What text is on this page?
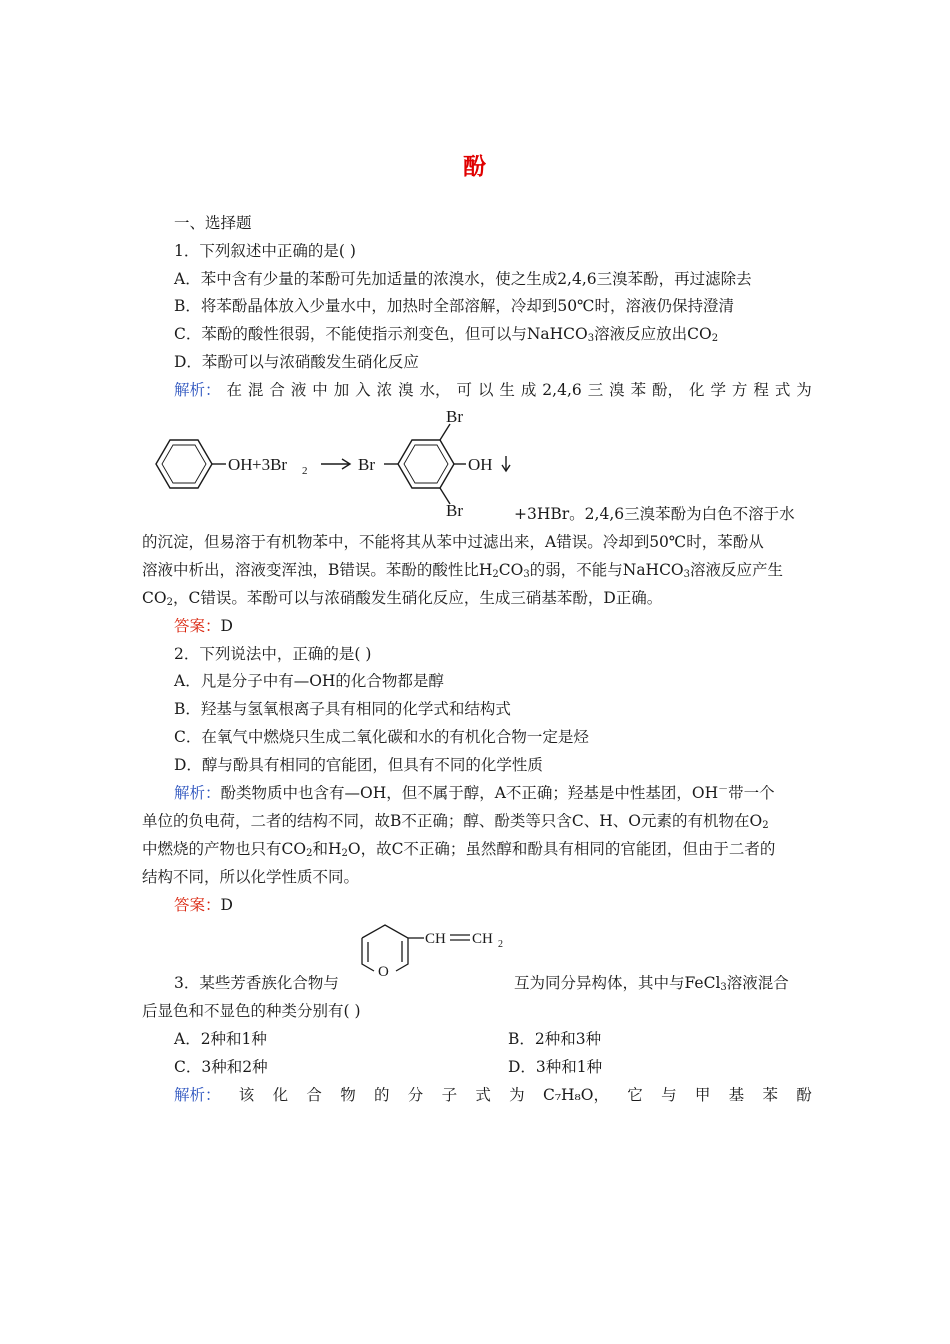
酚
一、选择题
1．下列叙述中正确的是( )
A．苯中含有少量的苯酚可先加适量的浓溴水，使之生成2,4,6三溴苯酚，再过滤除去
B．将苯酚晶体放入少量水中，加热时全部溶解，冷却到50℃时，溶液仍保持澄清
C．苯酚的酸性很弱，不能使指示剂变色，但可以与NaHCO$_3$溶液反应放出$CO_2$
D．苯酚可以与浓硝酸发生硝化反应
解析： 在 混 合 液 中 加 入 浓 溴 水， 可 以 生 成 2,4,6 三 溴 苯 酚， 化 学 方 程 式 为
OH +3Br 2	Br
Br
Br
OH
+3HBr。2,4,6三溴苯酚为白色不溶于水
的沉淀，但易溶于有机物苯中，不能将其从苯中过滤出来，A错误。冷却到50℃时，苯酚从
溶液中析出，溶液变浑浊，B错误。苯酚的酸性比$H_2CO_3$的弱，不能与NaHCO$_3$溶液反应产生
$CO_2$，C错误。苯酚可以与浓硝酸发生硝化反应，生成三硝基苯酚，D正确。
答案：D
2．下列说法中，正确的是( )
A．凡是分子中有—OH的化合物都是醇
B．羟基与氢氧根离子具有相同的化学式和结构式
C．在氧气中燃烧只生成二氧化碳和水的有机化合物一定是烃
D．醇与酚具有相同的官能团，但具有不同的化学性质
解析：酚类物质中也含有—OH，但不属于醇，A不正确；羟基是中性基团，OH－带一个
单位的负电荷，二者的结构不同，故B不正确；醇、酚类等只含C、H、O元素的有机物在$O_2$
中燃烧的产物也只有$CO_2$和$H_2O$，故C不正确；虽然醇和酚具有相同的官能团，但由于二者的
结构不同，所以化学性质不同。
答案：D
O
CH CH 2
3．某些芳香族化合物与	互为同分异构体，其中与FeCl$_3$溶液混合
后显色和不显色的种类分别有( )
A．2种和1种	B．2种和3种
C．3种和2种	D．3种和1种
解析： 该 化 合 物 的 分 子 式 为 C₇H₈O， 它 与 甲 基 苯 酚
